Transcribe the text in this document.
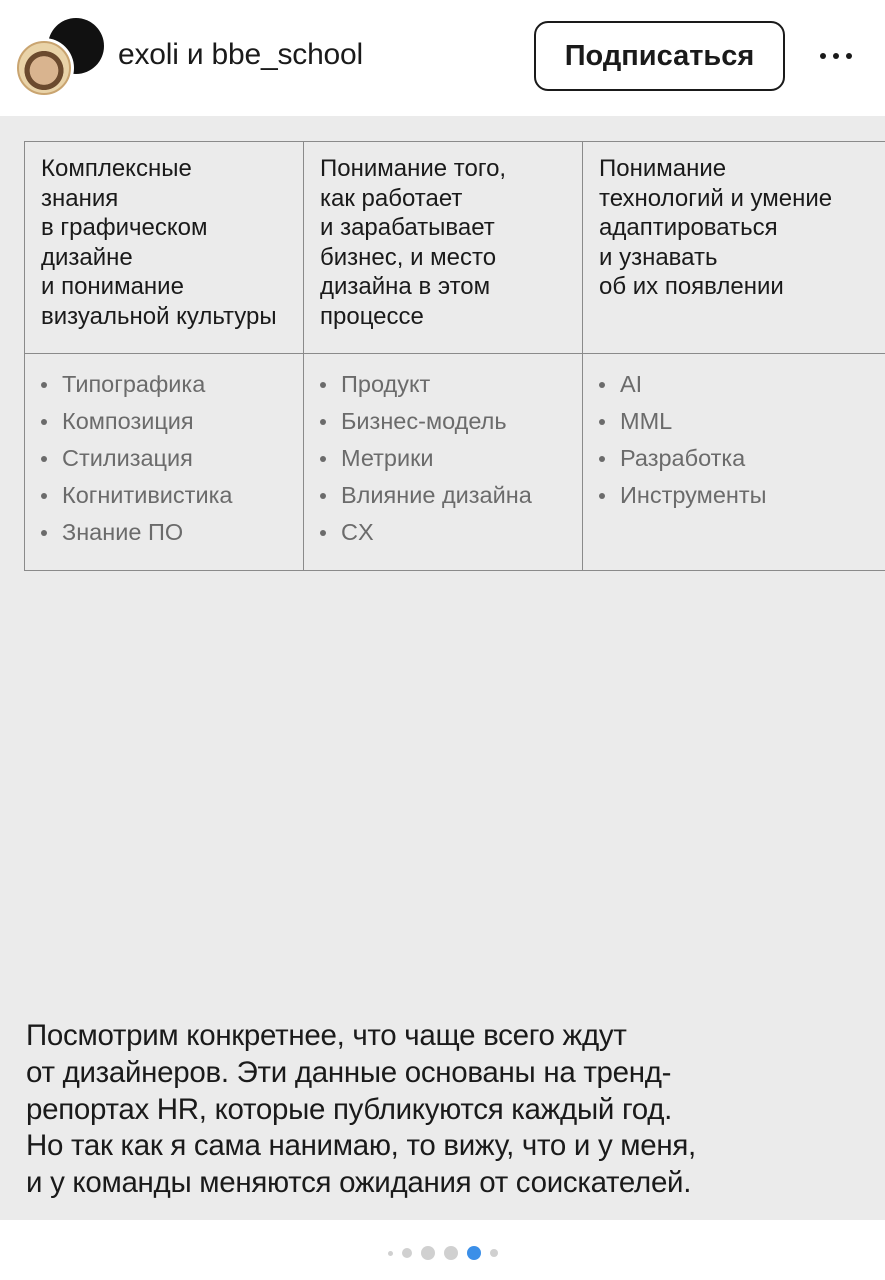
exoli и bbe_school	Подписаться
Комплексные
знания
в графическом
дизайне
и понимание
визуальной культуры
Понимание того,
как работает
и зарабатывает
бизнес, и место
дизайна в этом
процессе
Понимание
технологий и умение
адаптироваться
и узнавать
об их появлении
Типографика
Композиция
Стилизация
Когнитивистика
Знание ПО
Продукт
Бизнес-модель
Метрики
Влияние дизайна
CX
AI
MML
Разработка
Инструменты
Посмотрим конкретнее, что чаще всего ждут
от дизайнеров. Эти данные основаны на тренд-
репортах HR, которые публикуются каждый год.
Но так как я сама нанимаю, то вижу, что и у меня,
и у команды меняются ожидания от соискателей.
